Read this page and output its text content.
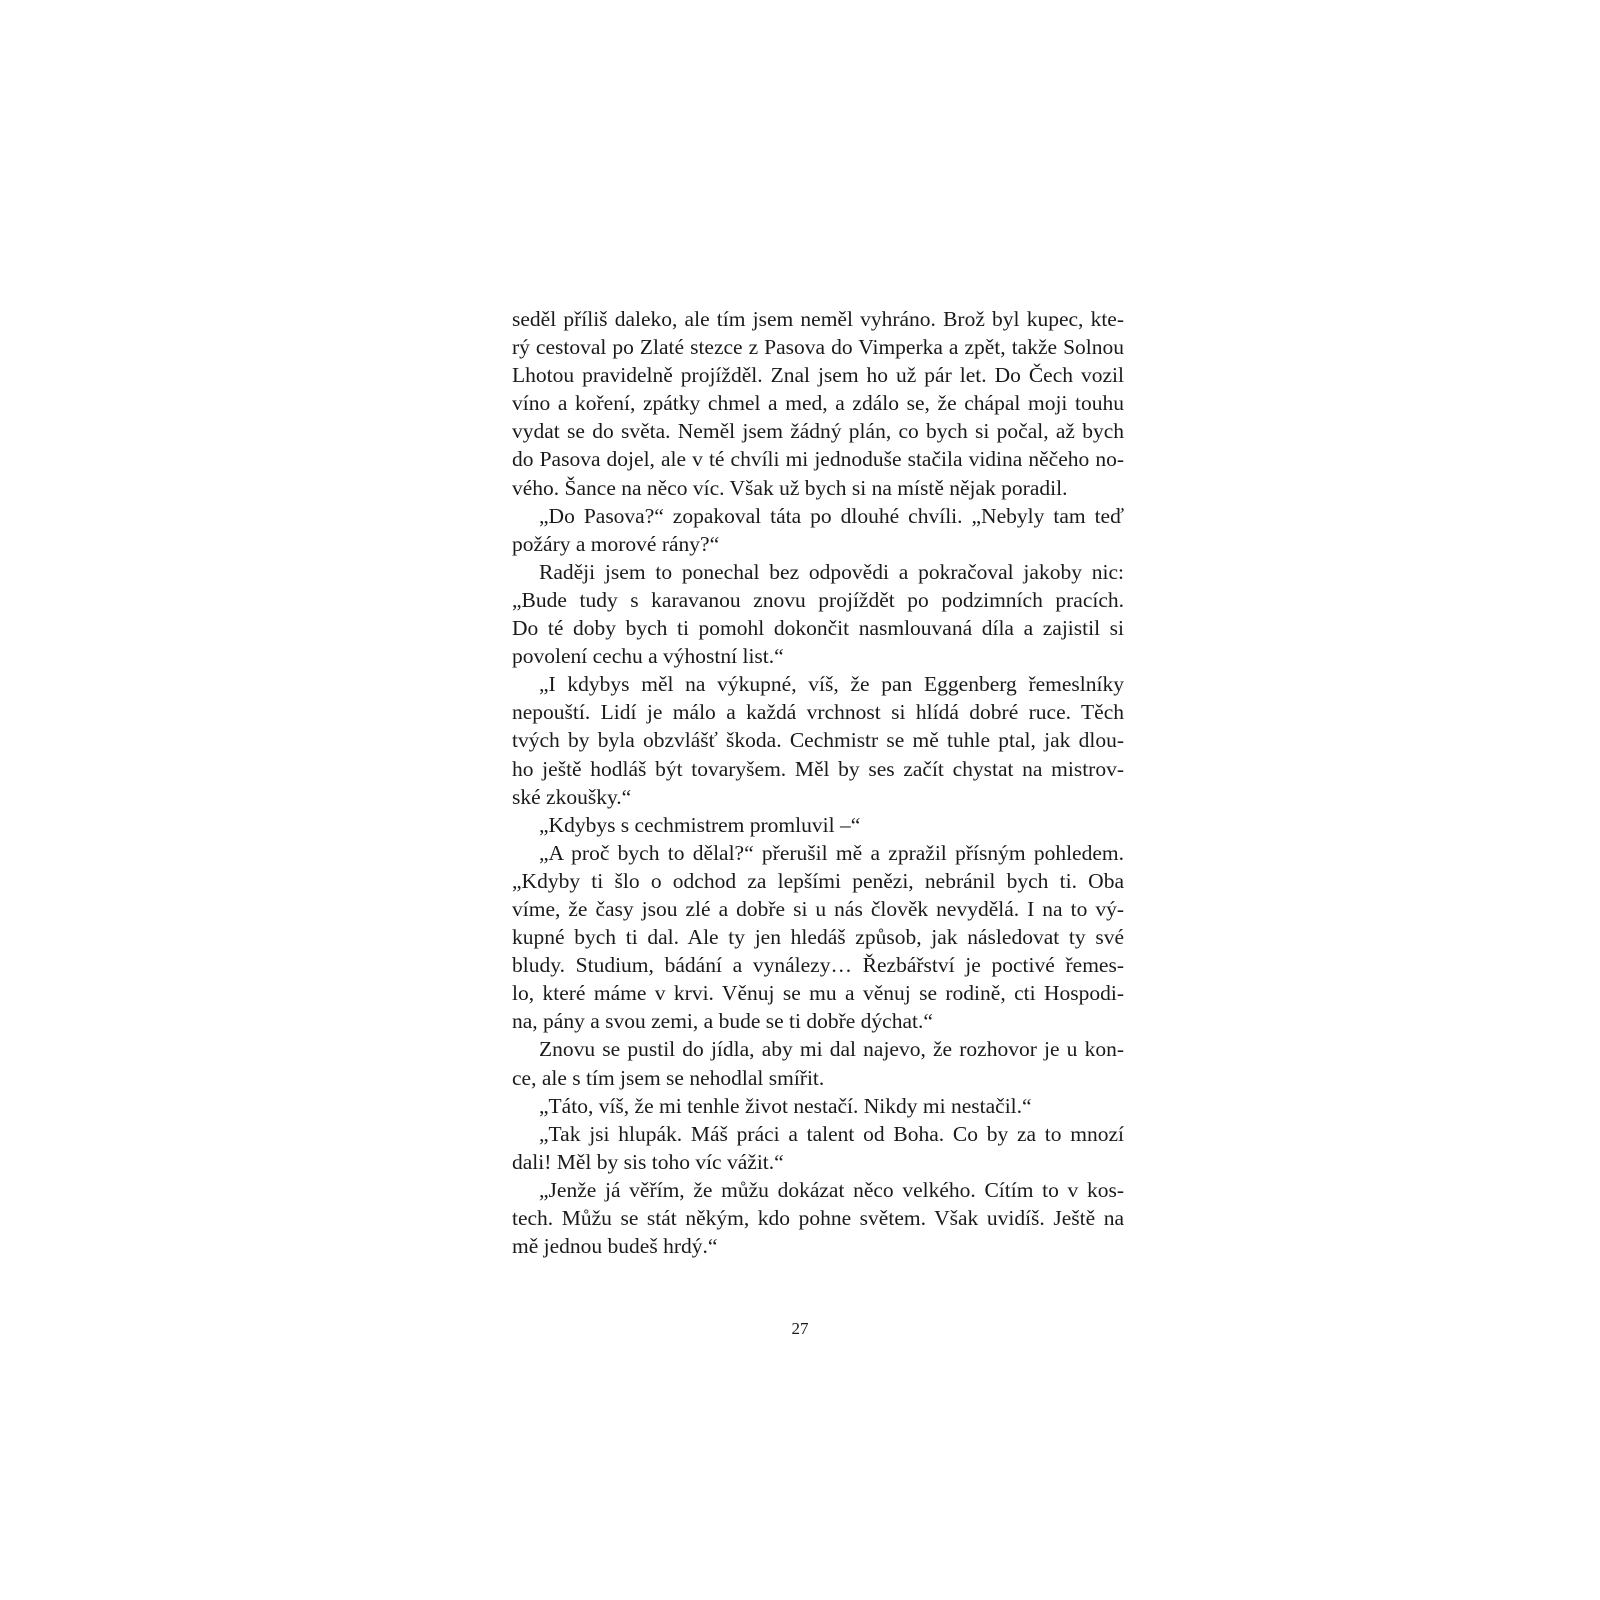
seděl příliš daleko, ale tím jsem neměl vyhráno. Brož byl kupec, kte-
rý cestoval po Zlaté stezce z Pasova do Vimperka a zpět, takže Solnou
Lhotou pravidelně projížděl. Znal jsem ho už pár let. Do Čech vozil
víno a koření, zpátky chmel a med, a zdálo se, že chápal moji touhu
vydat se do světa. Neměl jsem žádný plán, co bych si počal, až bych
do Pasova dojel, ale v té chvíli mi jednoduše stačila vidina něčeho no-
vého. Šance na něco víc. Však už bych si na místě nějak poradil.
„Do Pasova?“ zopakoval táta po dlouhé chvíli. „Nebyly tam teď
požáry a morové rány?“
Raději jsem to ponechal bez odpovědi a pokračoval jakoby nic:
„Bude tudy s karavanou znovu projíždět po podzimních pracích.
Do té doby bych ti pomohl dokončit nasmlouvaná díla a zajistil si
povolení cechu a výhostní list.“
„I kdybys měl na výkupné, víš, že pan Eggenberg řemeslníky
nepouští. Lidí je málo a každá vrchnost si hlídá dobré ruce. Těch
tvých by byla obzvlášť škoda. Cechmistr se mě tuhle ptal, jak dlou-
ho ještě hodláš být tovaryšem. Měl by ses začít chystat na mistrov-
ské zkoušky.“
„Kdybys s cechmistrem promluvil –“
„A proč bych to dělal?“ přerušil mě a zpražil přísným pohledem.
„Kdyby ti šlo o odchod za lepšími penězi, nebránil bych ti. Oba
víme, že časy jsou zlé a dobře si u nás člověk nevydělá. I na to vý-
kupné bych ti dal. Ale ty jen hledáš způsob, jak následovat ty své
bludy. Studium, bádání a vynálezy… Řezbářství je poctivé řemes-
lo, které máme v krvi. Věnuj se mu a věnuj se rodině, cti Hospodi-
na, pány a svou zemi, a bude se ti dobře dýchat.“
Znovu se pustil do jídla, aby mi dal najevo, že rozhovor je u kon-
ce, ale s tím jsem se nehodlal smířit.
„Táto, víš, že mi tenhle život nestačí. Nikdy mi nestačil.“
„Tak jsi hlupák. Máš práci a talent od Boha. Co by za to mnozí
dali! Měl by sis toho víc vážit.“
„Jenže já věřím, že můžu dokázat něco velkého. Cítím to v kos-
tech. Můžu se stát někým, kdo pohne světem. Však uvidíš. Ještě na
mě jednou budeš hrdý.“
27
